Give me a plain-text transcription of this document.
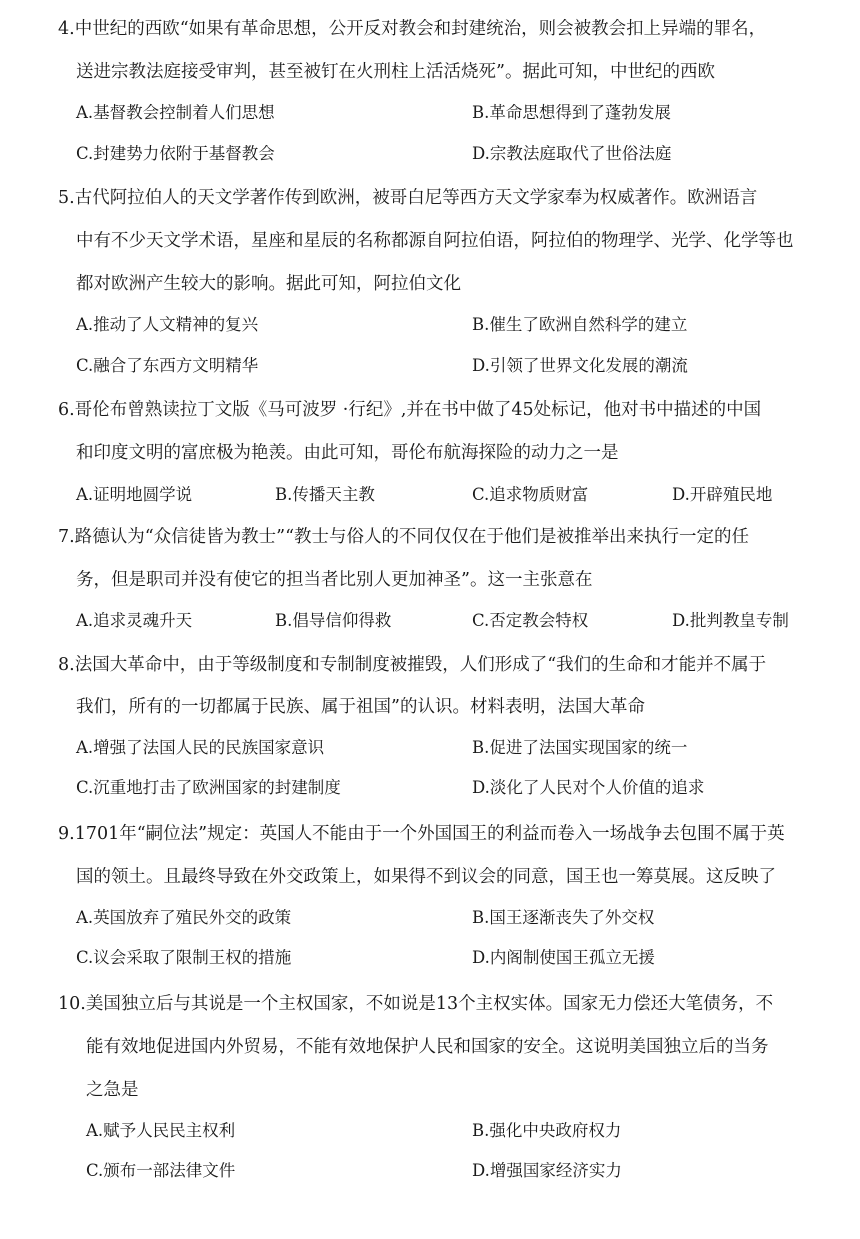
4.中世纪的西欧“如果有革命思想，公开反对教会和封建统治，则会被教会扣上异端的罪名，
送进宗教法庭接受审判，甚至被钉在火刑柱上活活烧死”。据此可知，中世纪的西欧
A.基督教会控制着人们思想	B.革命思想得到了蓬勃发展
C.封建势力依附于基督教会	D.宗教法庭取代了世俗法庭
5.古代阿拉伯人的天文学著作传到欧洲，被哥白尼等西方天文学家奉为权威著作。欧洲语言
中有不少天文学术语，星座和星辰的名称都源自阿拉伯语，阿拉伯的物理学、光学、化学等也
都对欧洲产生较大的影响。据此可知，阿拉伯文化
A.推动了人文精神的复兴	B.催生了欧洲自然科学的建立
C.融合了东西方文明精华	D.引领了世界文化发展的潮流
6.哥伦布曾熟读拉丁文版《马可波罗 ·行纪》,并在书中做了45处标记，他对书中描述的中国
和印度文明的富庶极为艳羡。由此可知，哥伦布航海探险的动力之一是
A.证明地圆学说	B.传播天主教	C.追求物质财富	D.开辟殖民地
7.路德认为“众信徒皆为教士”“教士与俗人的不同仅仅在于他们是被推举出来执行一定的任
务，但是职司并没有使它的担当者比别人更加神圣”。这一主张意在
A.追求灵魂升天	B.倡导信仰得救	C.否定教会特权	D.批判教皇专制
8.法国大革命中，由于等级制度和专制制度被摧毁，人们形成了“我们的生命和才能并不属于
我们，所有的一切都属于民族、属于祖国”的认识。材料表明，法国大革命
A.增强了法国人民的民族国家意识	B.促进了法国实现国家的统一
C.沉重地打击了欧洲国家的封建制度	D.淡化了人民对个人价值的追求
9.1701年“嗣位法”规定：英国人不能由于一个外国国王的利益而卷入一场战争去包围不属于英
国的领土。且最终导致在外交政策上，如果得不到议会的同意，国王也一筹莫展。这反映了
A.英国放弃了殖民外交的政策	B.国王逐渐丧失了外交权
C.议会采取了限制王权的措施	D.内阁制使国王孤立无援
10.美国独立后与其说是一个主权国家，不如说是13个主权实体。国家无力偿还大笔债务，不
能有效地促进国内外贸易，不能有效地保护人民和国家的安全。这说明美国独立后的当务
之急是
A.赋予人民民主权利	B.强化中央政府权力
C.颁布一部法律文件	D.增强国家经济实力
